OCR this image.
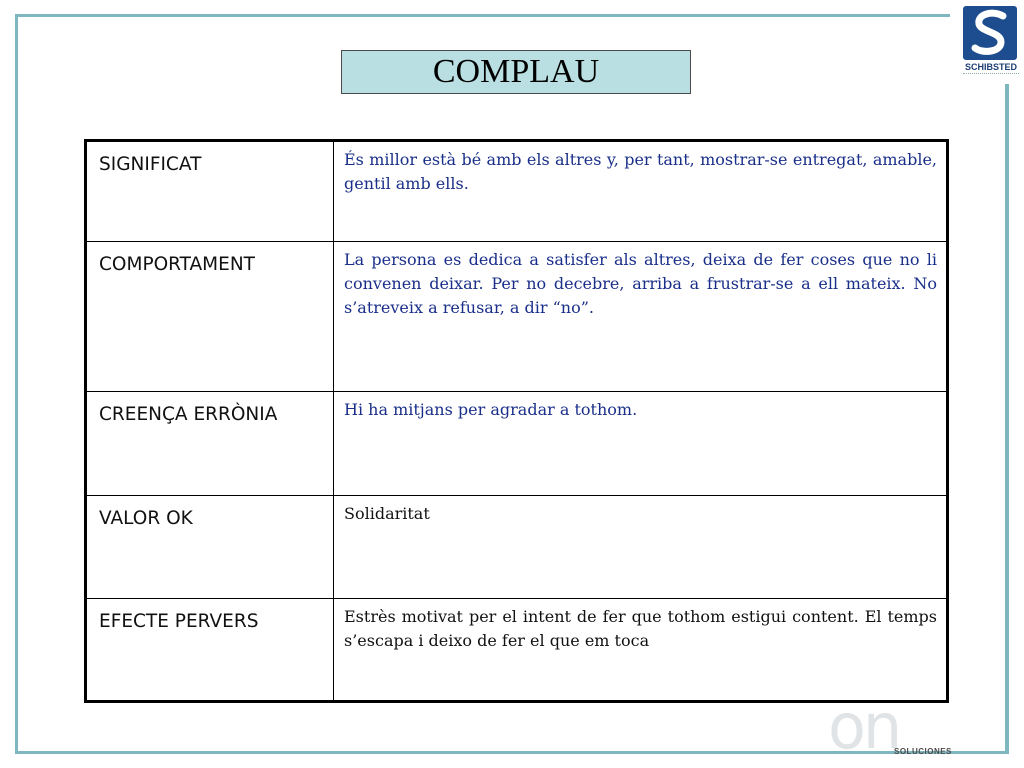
SCHIBSTED
COMPLAU
SIGNIFICAT	És millor està bé amb els altres y, per tant, mostrar-se entregat, amable, gentil amb ells.
COMPORTAMENT	La persona es dedica a satisfer als altres, deixa de fer coses que no li convenen deixar. Per no decebre, arriba a frustrar-se a ell mateix. No s’atreveix a refusar, a dir “no”.
CREENÇA ERRÒNIA	Hi ha mitjans per agradar a tothom.
VALOR OK	Solidaritat
EFECTE PERVERS	Estrès motivat per el intent de fer que tothom estigui content. El temps s’escapa i deixo de fer el que em toca
on
SOLUCIONES
